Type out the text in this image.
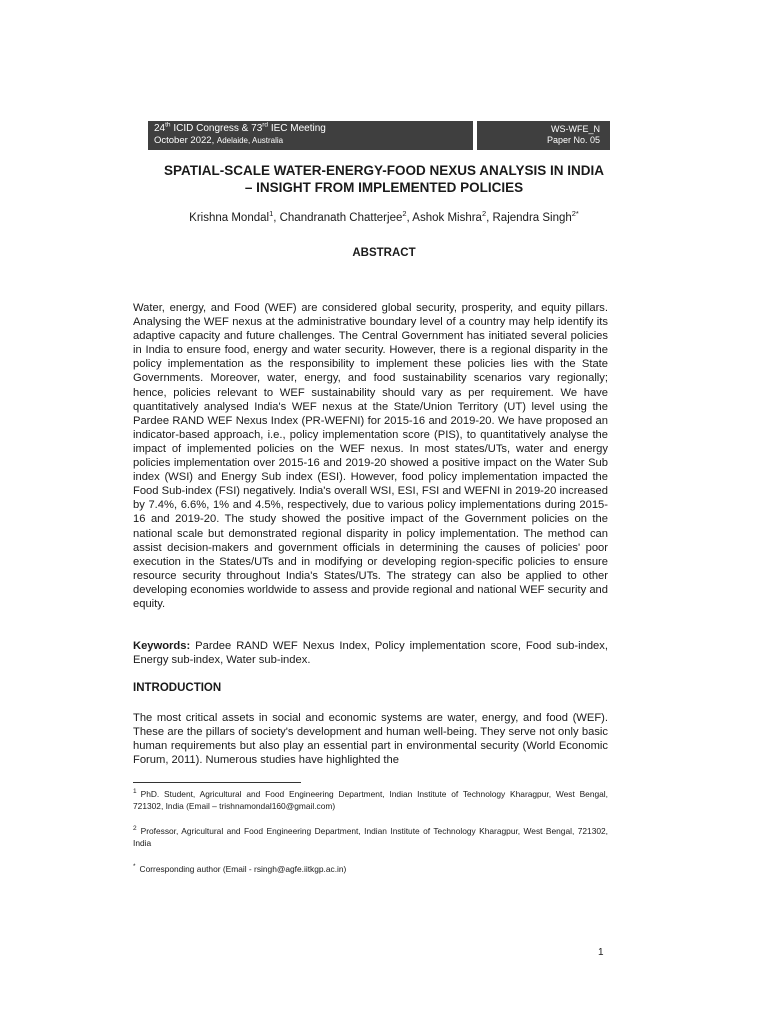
24th ICID Congress & 73rd IEC Meeting
October 2022, Adelaide, Australia
WS-WFE_N
Paper No. 05
SPATIAL-SCALE WATER-ENERGY-FOOD NEXUS ANALYSIS IN INDIA
– INSIGHT FROM IMPLEMENTED POLICIES
Krishna Mondal$^1$, Chandranath Chatterjee$^2$, Ashok Mishra$^2$, Rajendra Singh$^{2*}$
ABSTRACT
Water, energy, and Food (WEF) are considered global security, prosperity, and equity pillars. Analysing the WEF nexus at the administrative boundary level of a country may help identify its adaptive capacity and future challenges. The Central Government has initiated several policies in India to ensure food, energy and water security. However, there is a regional disparity in the policy implementation as the responsibility to implement these policies lies with the State Governments. Moreover, water, energy, and food sustainability scenarios vary regionally; hence, policies relevant to WEF sustainability should vary as per requirement. We have quantitatively analysed India's WEF nexus at the State/Union Territory (UT) level using the Pardee RAND WEF Nexus Index (PR-WEFNI) for 2015-16 and 2019-20. We have proposed an indicator-based approach, i.e., policy implementation score (PIS), to quantitatively analyse the impact of implemented policies on the WEF nexus. In most states/UTs, water and energy policies implementation over 2015-16 and 2019-20 showed a positive impact on the Water Sub index (WSI) and Energy Sub index (ESI). However, food policy implementation impacted the Food Sub-index (FSI) negatively. India's overall WSI, ESI, FSI and WEFNI in 2019-20 increased by 7.4%, 6.6%, 1% and 4.5%, respectively, due to various policy implementations during 2015-16 and 2019-20. The study showed the positive impact of the Government policies on the national scale but demonstrated regional disparity in policy implementation. The method can assist decision-makers and government officials in determining the causes of policies' poor execution in the States/UTs and in modifying or developing region-specific policies to ensure resource security throughout India's States/UTs. The strategy can also be applied to other developing economies worldwide to assess and provide regional and national WEF security and equity.
Keywords: Pardee RAND WEF Nexus Index, Policy implementation score, Food sub-index, Energy sub-index, Water sub-index.
INTRODUCTION
The most critical assets in social and economic systems are water, energy, and food (WEF). These are the pillars of society's development and human well-being. They serve not only basic human requirements but also play an essential part in environmental security (World Economic Forum, 2011). Numerous studies have highlighted the
$^1$ PhD. Student, Agricultural and Food Engineering Department, Indian Institute of Technology Kharagpur, West Bengal, 721302, India (Email – trishnamondal160@gmail.com)
$^2$ Professor, Agricultural and Food Engineering Department, Indian Institute of Technology Kharagpur, West Bengal, 721302, India
* Corresponding author (Email - rsingh@agfe.iitkgp.ac.in)
1
